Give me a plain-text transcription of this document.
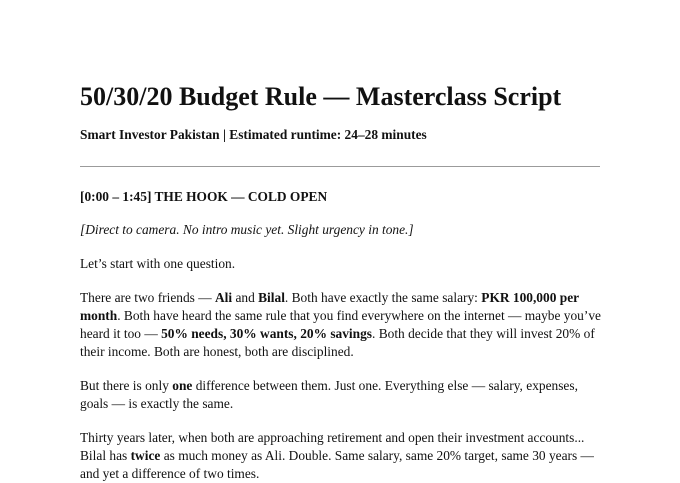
50/30/20 Budget Rule — Masterclass Script
Smart Investor Pakistan | Estimated runtime: 24–28 minutes
[0:00 – 1:45] THE HOOK — COLD OPEN
[Direct to camera. No intro music yet. Slight urgency in tone.]

Let’s start with one question.

There are two friends — Ali and Bilal. Both have exactly the same salary: PKR 100,000 per month. Both have heard the same rule that you find everywhere on the internet — maybe you’ve heard it too — 50% needs, 30% wants, 20% savings. Both decide that they will invest 20% of their income. Both are honest, both are disciplined.

But there is only one difference between them. Just one. Everything else — salary, expenses, goals — is exactly the same.

Thirty years later, when both are approaching retirement and open their investment accounts... Bilal has twice as much money as Ali. Double. Same salary, same 20% target, same 30 years — and yet a difference of two times.
